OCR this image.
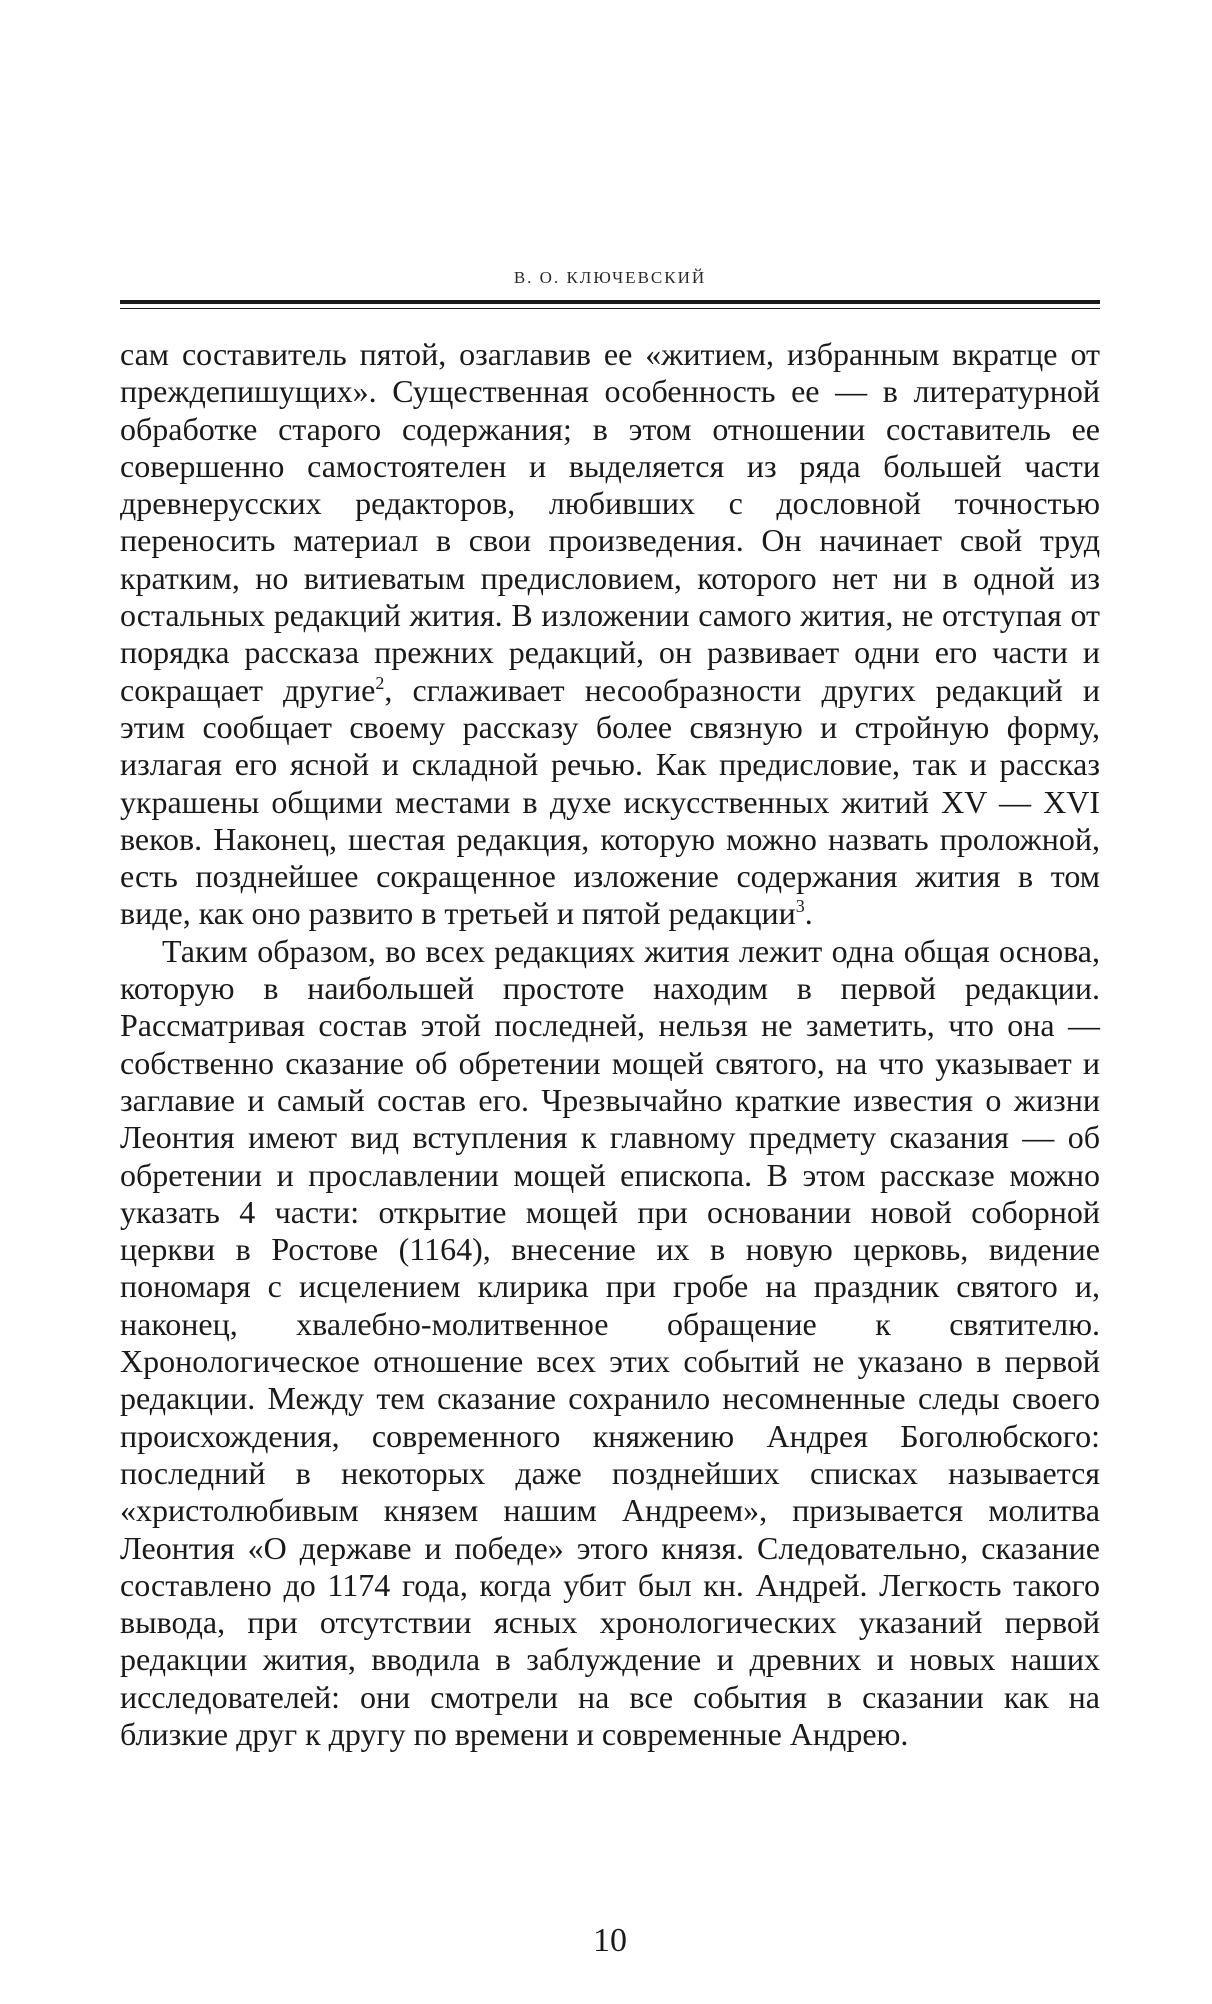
В. О. КЛЮЧЕВСКИЙ

сам составитель пятой, озаглавив ее «житием, избранным вкратце от преждепишущих». Существенная особенность ее — в литературной обработке старого содержания; в этом отношении составитель ее совершенно самостоятелен и выделяется из ряда большей части древнерусских редакторов, любивших с дословной точностью переносить материал в свои произведения. Он начинает свой труд кратким, но витиеватым предисловием, которого нет ни в одной из остальных редакций жития. В изложении самого жития, не отступая от порядка рассказа прежних редакций, он развивает одни его части и сокращает другие$^2$, сглаживает несообразности других редакций и этим сообщает своему рассказу более связную и стройную форму, излагая его ясной и складной речью. Как предисловие, так и рассказ украшены общими местами в духе искусственных житий XV — XVI веков. Наконец, шестая редакция, которую можно назвать проложной, есть позднейшее сокращенное изложение содержания жития в том виде, как оно развито в третьей и пятой редакции$^3$.

Таким образом, во всех редакциях жития лежит одна общая основа, которую в наибольшей простоте находим в первой редакции. Рассматривая состав этой последней, нельзя не заметить, что она — собственно сказание об обретении мощей святого, на что указывает и заглавие и самый состав его. Чрезвычайно краткие известия о жизни Леонтия имеют вид вступления к главному предмету сказания — об обретении и прославлении мощей епископа. В этом рассказе можно указать 4 части: открытие мощей при основании новой соборной церкви в Ростове (1164), внесение их в новую церковь, видение пономаря с исцелением клирика при гробе на праздник святого и, наконец, хвалебно-молитвенное обращение к святителю. Хронологическое отношение всех этих событий не указано в первой редакции. Между тем сказание сохранило несомненные следы своего происхождения, современного княжению Андрея Боголюбского: последний в некоторых даже позднейших списках называется «христолюбивым князем нашим Андреем», призывается молитва Леонтия «О державе и победе» этого князя. Следовательно, сказание составлено до 1174 года, когда убит был кн. Андрей. Легкость такого вывода, при отсутствии ясных хронологических указаний первой редакции жития, вводила в заблуждение и древних и новых наших исследователей: они смотрели на все события в сказании как на близкие друг к другу по времени и современные Андрею.

10
